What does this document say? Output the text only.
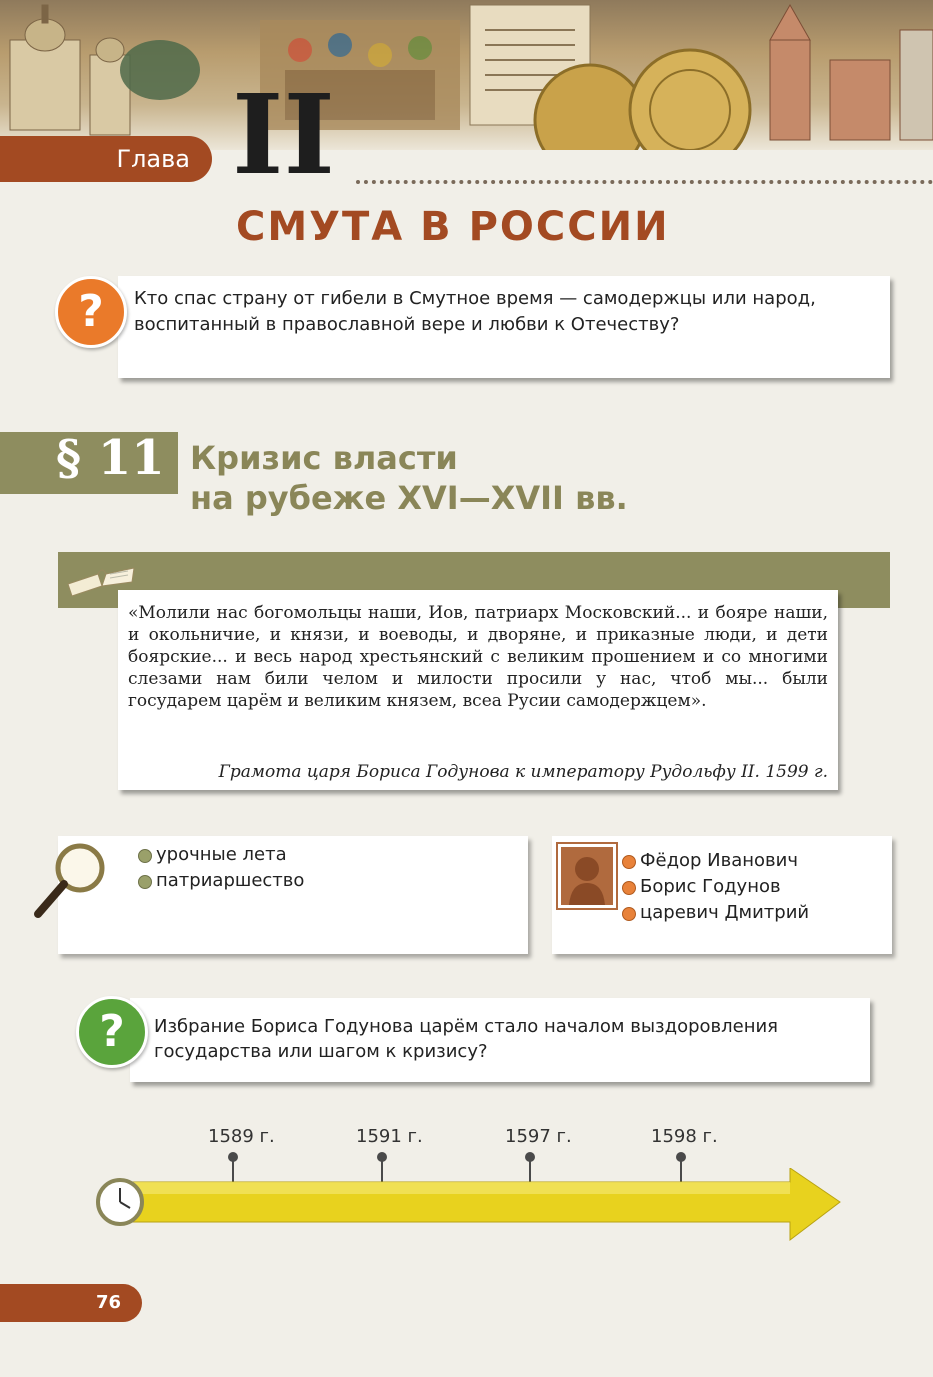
Глава II
СМУТА В РОССИИ
Кто спас страну от гибели в Смутное время — самодержцы или народ, воспитанный в православной вере и любви к Отечеству?
?
§ 11 Кризис власти
на рубеже XVI—XVII вв.
«Молили нас богомольцы наши, Иов, патриарх Московский... и бояре наши, и окольничие, и князи, и воеводы, и дворяне, и приказные люди, и дети боярские... и весь народ хрестьянский с великим прошением и со многими слезами нам били челом и милости просили у нас, чтоб мы... были государем царём и великим князем, всеа Русии самодержцем».
Грамота царя Бориса Годунова к императору Рудольфу II. 1599 г.
урочные лета
патриаршество
Фёдор Иванович
Борис Годунов
царевич Дмитрий
Избрание Бориса Годунова царём стало началом выздоровления государства или шагом к кризису?
?
1589 г.	1591 г.	1597 г.	1598 г.
76
